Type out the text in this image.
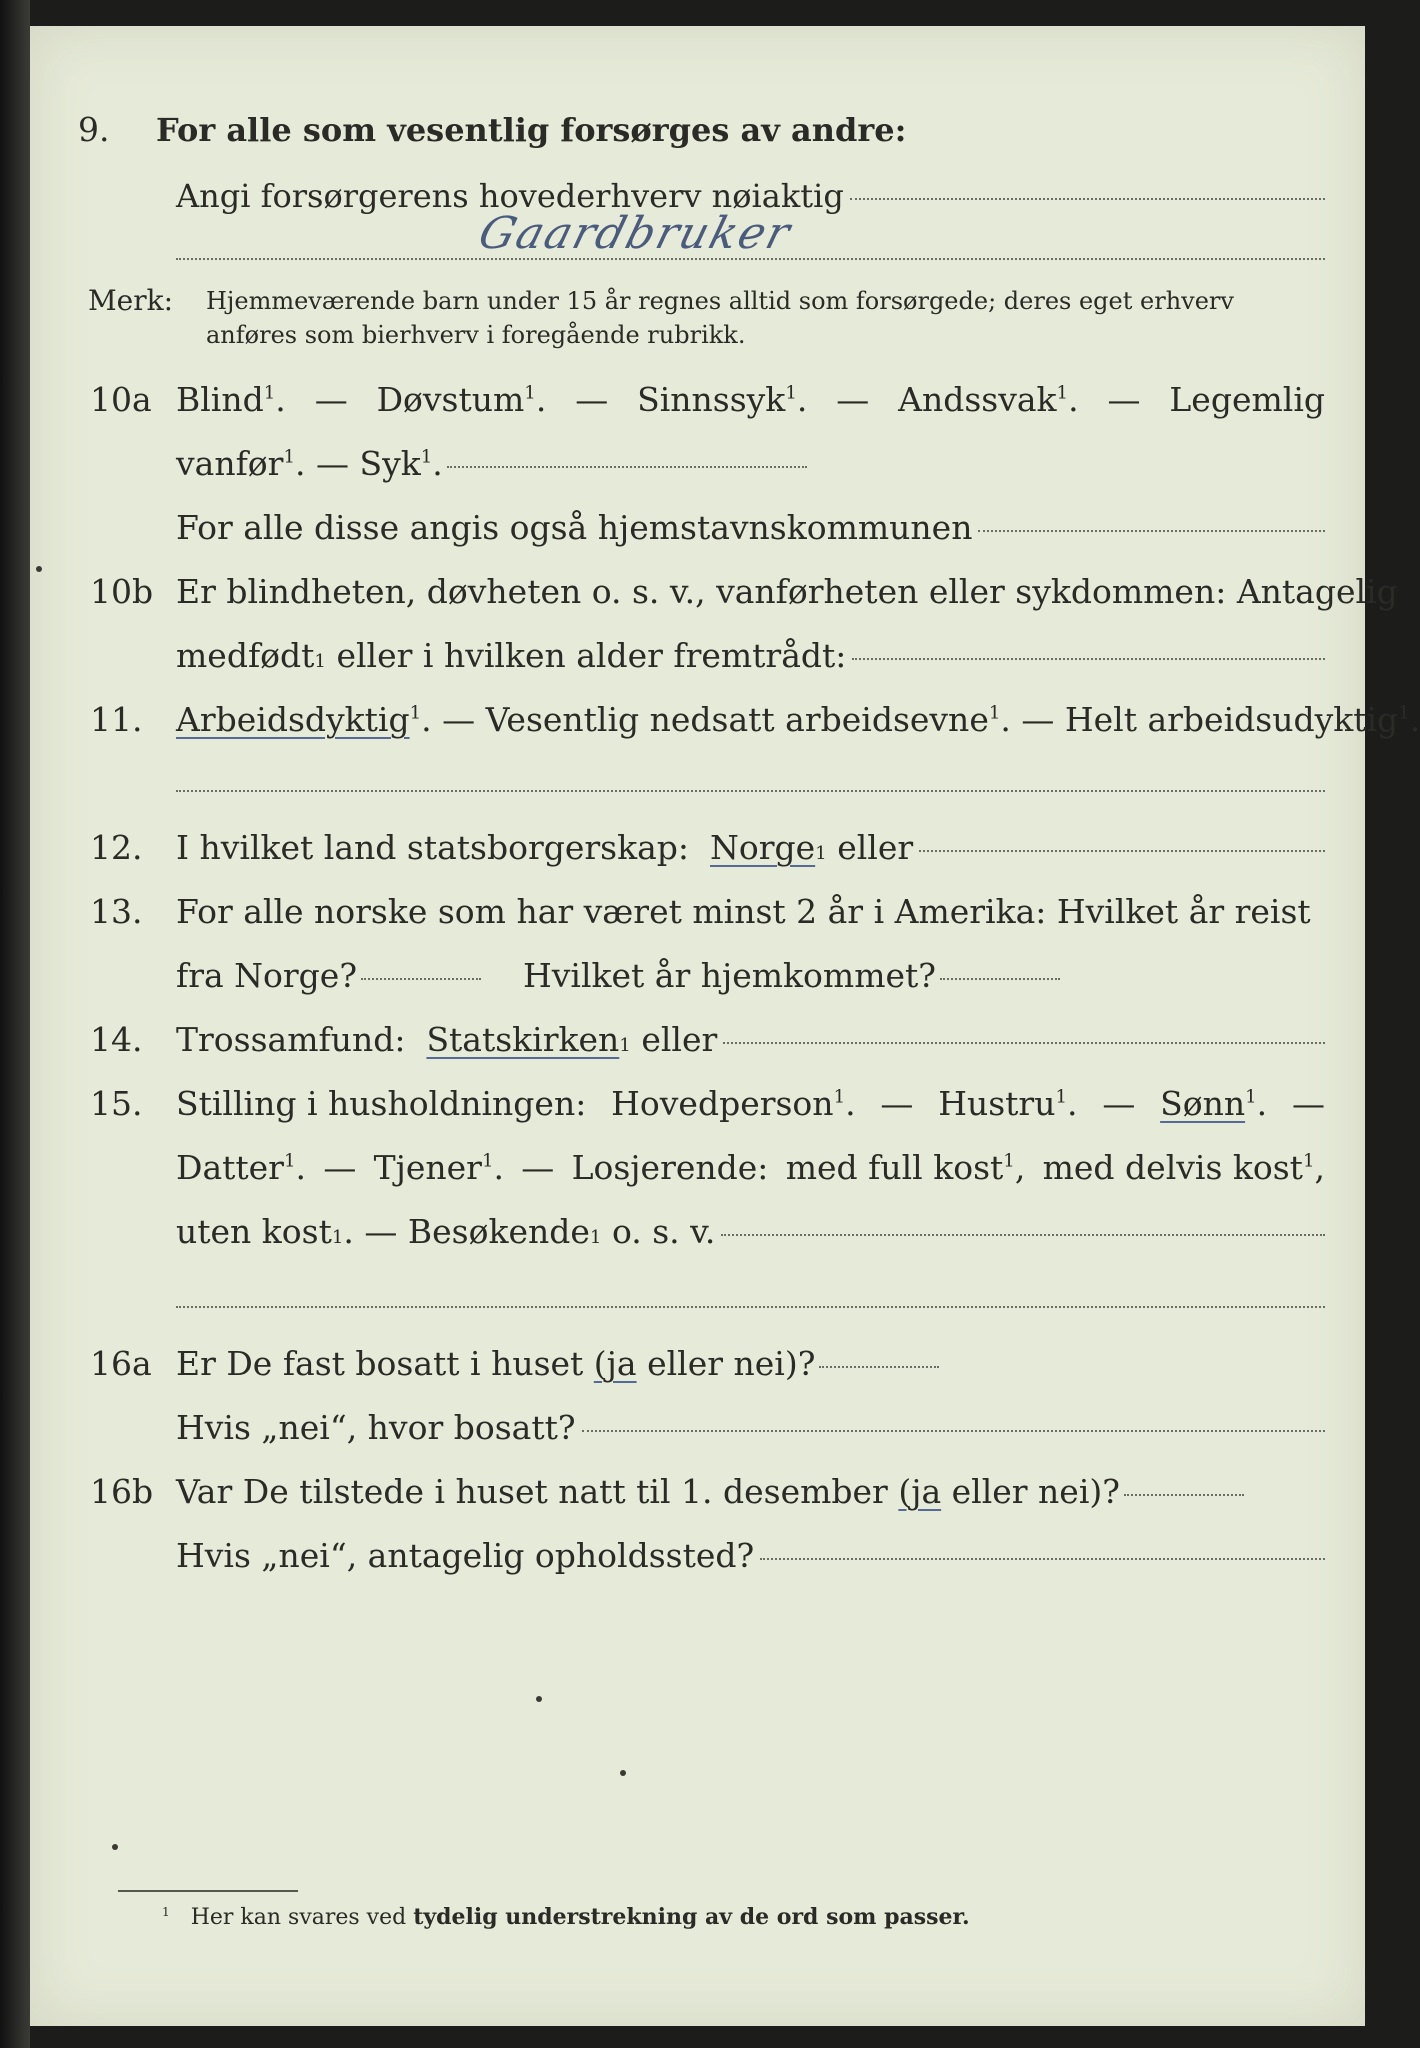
9. For alle som vesentlig forsørges av andre:
Angi forsørgerens hovederhverv nøiaktig
Gaardbruker
Merk: Hjemmeværende barn under 15 år regnes alltid som forsørgede; deres eget erhverv
anføres som bierhverv i foregående rubrikk.
10a Blind$^1$. — Døvstum$^1$. — Sinnssyk$^1$. — Andssvak$^1$. — Legemlig
vanfør$^1$. — Syk$^1$.
For alle disse angis også hjemstavnskommunen
10b Er blindheten, døvheten o. s. v., vanførheten eller sykdommen: Antagelig
medfødt 1
eller i hvilken alder fremtrådt:
11. Arbeidsdyktig$^1$. — Vesentlig nedsatt arbeidsevne$^1$. — Helt arbeidsudyktig$^1$.
12. I hvilket land statsborgerskap:
Norge 1
eller
13. For alle norske som har været minst 2 år i Amerika: Hvilket år reist
fra Norge?	Hvilket år hjemkommet?
14. Trossamfund:
Statskirken 1
eller
15. Stilling i husholdningen: Hovedperson$^1$. — Hustru$^1$. — Sønn$^1$. —
Datter$^1$. — Tjener$^1$. — Losjerende: med full kost$^1$, med delvis kost$^1$,
uten kost 1 . —
Besøkende 1
o. s. v.
16a Er De fast bosatt i huset (ja eller nei)?
Hvis „nei“, hvor bosatt?
16b Var De tilstede i huset natt til 1. desember (ja eller nei)?
Hvis „nei“, antagelig opholdssted?
$^1$ Her kan svares ved tydelig understrekning av de ord som passer.
